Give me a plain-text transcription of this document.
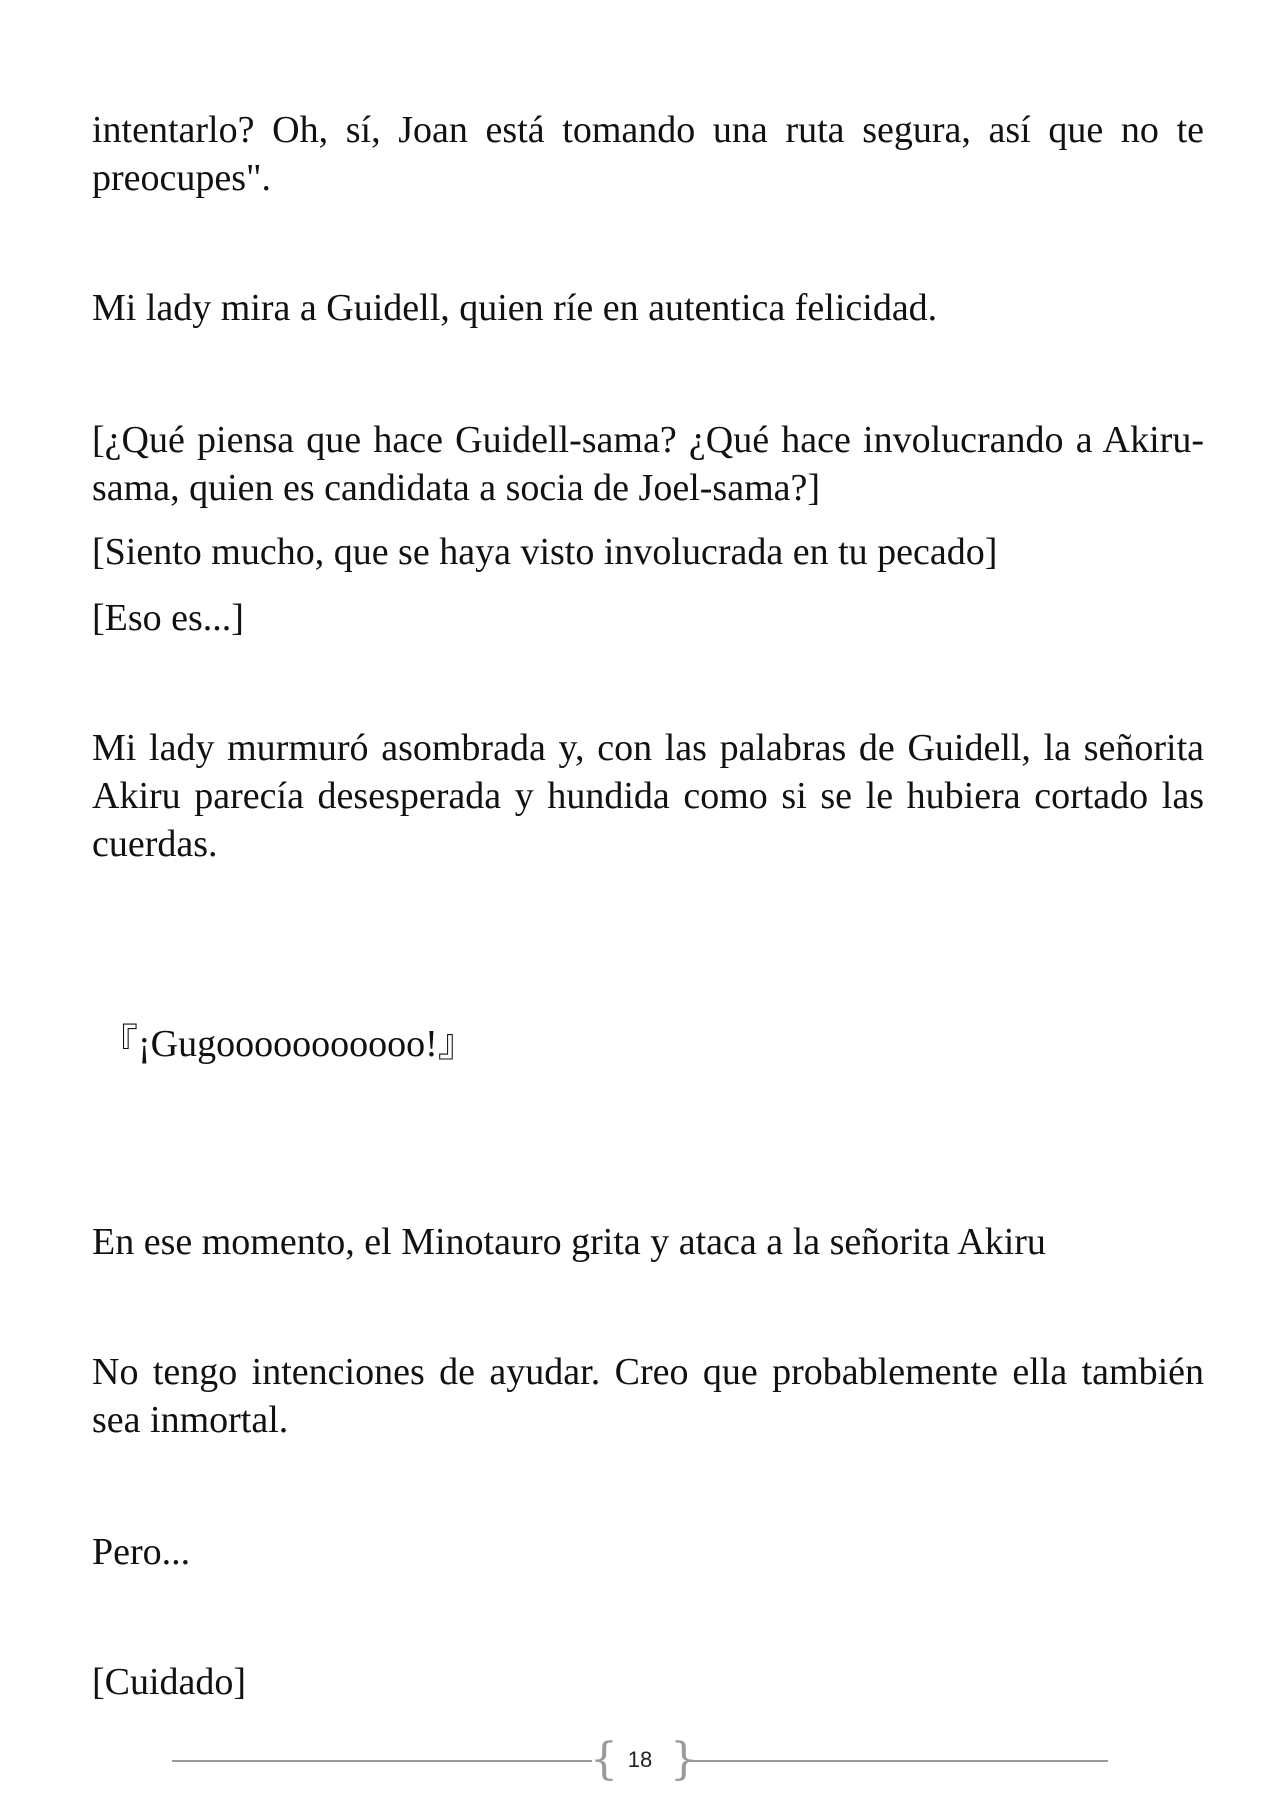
intentarlo? Oh, sí, Joan está tomando una ruta segura, así que no te preocupes".

Mi lady mira a Guidell, quien ríe en autentica felicidad.

[¿Qué piensa que hace Guidell-sama? ¿Qué hace involucrando a Akiru-sama, quien es candidata a socia de Joel-sama?]

[Siento mucho, que se haya visto involucrada en tu pecado]

[Eso es...]

Mi lady murmuró asombrada y, con las palabras de Guidell, la señorita Akiru parecía desesperada y hundida como si se le hubiera cortado las cuerdas.

『¡Gugooooooooooo!』

En ese momento, el Minotauro grita y ataca a la señorita Akiru

No tengo intenciones de ayudar. Creo que probablemente ella también sea inmortal.

Pero...

[Cuidado]

{ 18 }
